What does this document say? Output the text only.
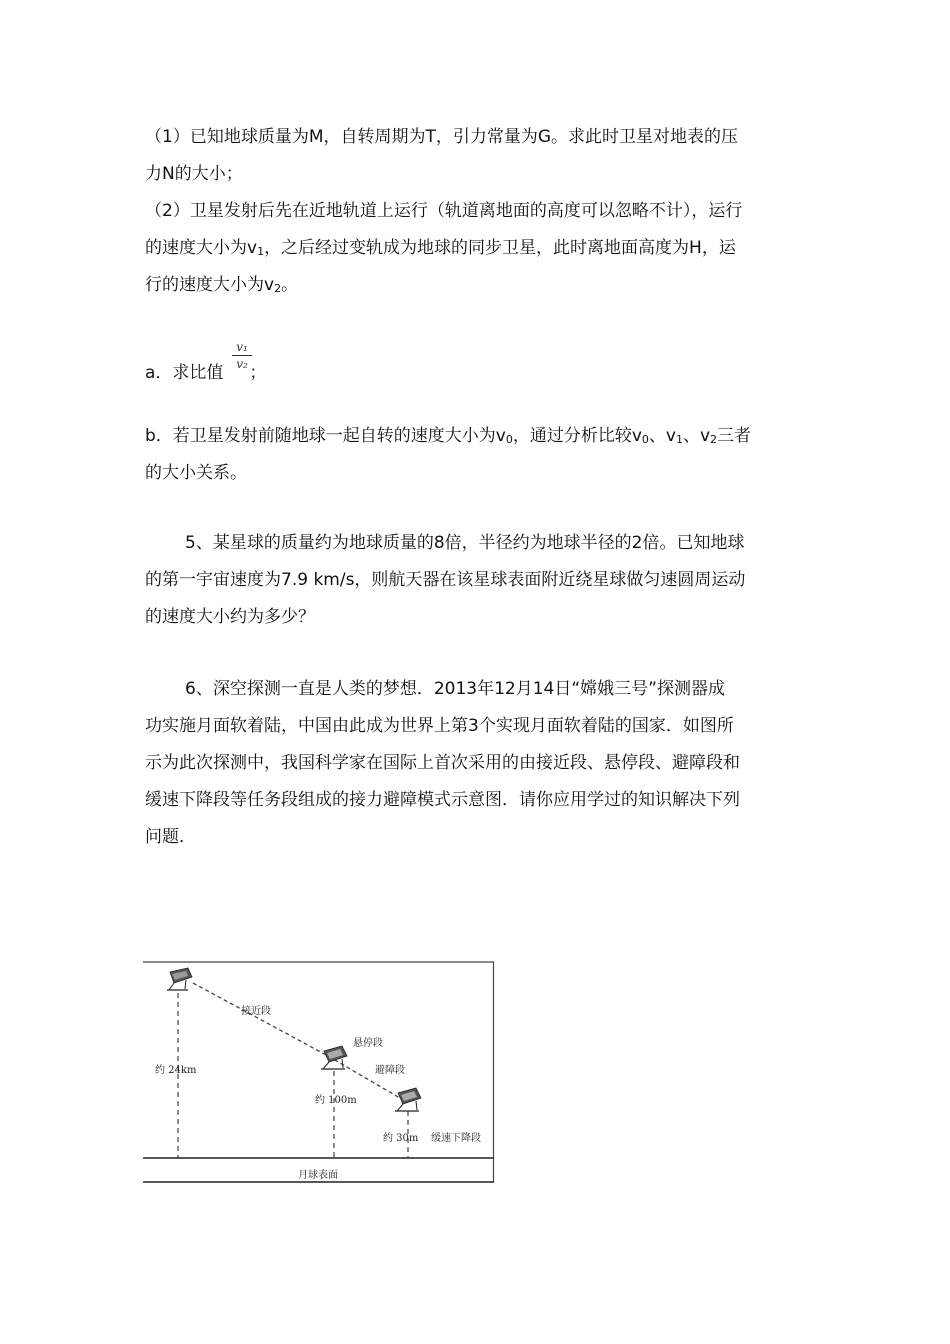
（1）已知地球质量为M，自转周期为T，引力常量为G。求此时卫星对地表的压
力N的大小；
（2）卫星发射后先在近地轨道上运行（轨道离地面的高度可以忽略不计），运行
的速度大小为$v_1$，之后经过变轨成为地球的同步卫星，此时离地面高度为H，运
行的速度大小为$v_2$。
v₁
v₂
a．求比值 ；
b．若卫星发射前随地球一起自转的速度大小为$v_0$，通过分析比较$v_0$、$v_1$、$v_2$三者
的大小关系。
5、某星球的质量约为地球质量的8倍，半径约为地球半径的2倍。已知地球
的第一宇宙速度为7.9 km/s，则航天器在该星球表面附近绕星球做匀速圆周运动
的速度大小约为多少？
6、深空探测一直是人类的梦想．2013年12月14日“嫦娥三号”探测器成
功实施月面软着陆，中国由此成为世界上第3个实现月面软着陆的国家．如图所
示为此次探测中，我国科学家在国际上首次采用的由接近段、悬停段、避障段和
缓速下降段等任务段组成的接力避障模式示意图．请你应用学过的知识解决下列
问题．
接近段
悬停段
避障段
缓速下降段
约 24km
约 100m
约 30m
月球表面
